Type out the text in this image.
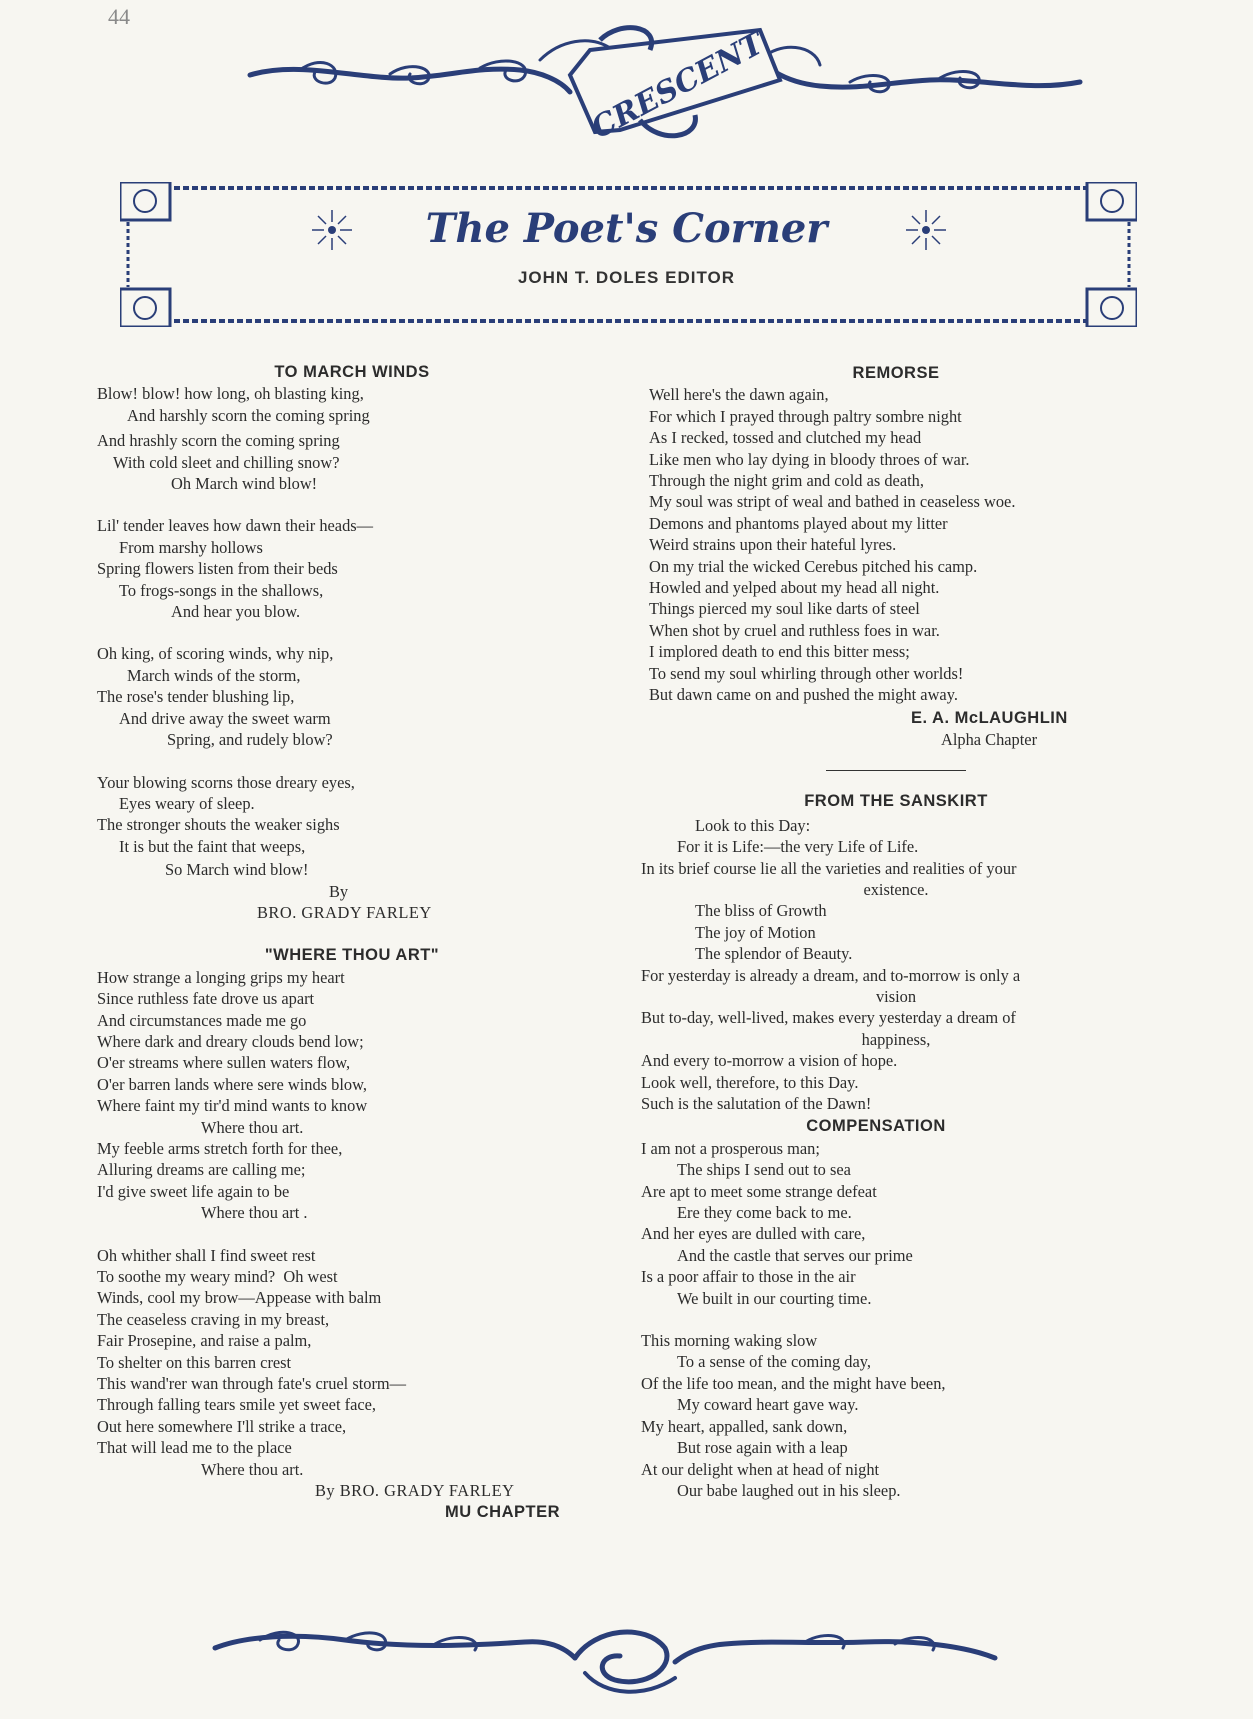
44
CRESCENT
The Poet's Corner
JOHN T. DOLES EDITOR
TO MARCH WINDS
Blow! blow! how long, oh blasting king,
And harshly scorn the coming spring
And hrashly scorn the coming spring
With cold sleet and chilling snow?
Oh March wind blow!
Lil' tender leaves how dawn their heads—
From marshy hollows
Spring flowers listen from their beds
To frogs-songs in the shallows,
And hear you blow.
Oh king, of scoring winds, why nip,
March winds of the storm,
The rose's tender blushing lip,
And drive away the sweet warm
Spring, and rudely blow?
Your blowing scorns those dreary eyes,
Eyes weary of sleep.
The stronger shouts the weaker sighs
It is but the faint that weeps,
So March wind blow!
By
BRO. GRADY FARLEY
"WHERE THOU ART"
How strange a longing grips my heart
Since ruthless fate drove us apart
And circumstances made me go
Where dark and dreary clouds bend low;
O'er streams where sullen waters flow,
O'er barren lands where sere winds blow,
Where faint my tir'd mind wants to know
Where thou art.
My feeble arms stretch forth for thee,
Alluring dreams are calling me;
I'd give sweet life again to be
Where thou art .
Oh whither shall I find sweet rest
To soothe my weary mind?  Oh west
Winds, cool my brow—Appease with balm
The ceaseless craving in my breast,
Fair Prosepine, and raise a palm,
To shelter on this barren crest
This wand'rer wan through fate's cruel storm—
Through falling tears smile yet sweet face,
Out here somewhere I'll strike a trace,
That will lead me to the place
Where thou art.
By BRO. GRADY FARLEY
MU CHAPTER
REMORSE
Well here's the dawn again,
For which I prayed through paltry sombre night
As I recked, tossed and clutched my head
Like men who lay dying in bloody throes of war.
Through the night grim and cold as death,
My soul was stript of weal and bathed in ceaseless woe.
Demons and phantoms played about my litter
Weird strains upon their hateful lyres.
On my trial the wicked Cerebus pitched his camp.
Howled and yelped about my head all night.
Things pierced my soul like darts of steel
When shot by cruel and ruthless foes in war.
I implored death to end this bitter mess;
To send my soul whirling through other worlds!
But dawn came on and pushed the might away.
E. A. McLAUGHLIN
Alpha Chapter
FROM THE SANSKIRT
Look to this Day:
For it is Life:—the very Life of Life.
In its brief course lie all the varieties and realities of your
existence.
The bliss of Growth
The joy of Motion
The splendor of Beauty.
For yesterday is already a dream, and to-morrow is only a
vision
But to-day, well-lived, makes every yesterday a dream of
happiness,
And every to-morrow a vision of hope.
Look well, therefore, to this Day.
Such is the salutation of the Dawn!
COMPENSATION
I am not a prosperous man;
The ships I send out to sea
Are apt to meet some strange defeat
Ere they come back to me.
And her eyes are dulled with care,
And the castle that serves our prime
Is a poor affair to those in the air
We built in our courting time.
This morning waking slow
To a sense of the coming day,
Of the life too mean, and the might have been,
My coward heart gave way.
My heart, appalled, sank down,
But rose again with a leap
At our delight when at head of night
Our babe laughed out in his sleep.
